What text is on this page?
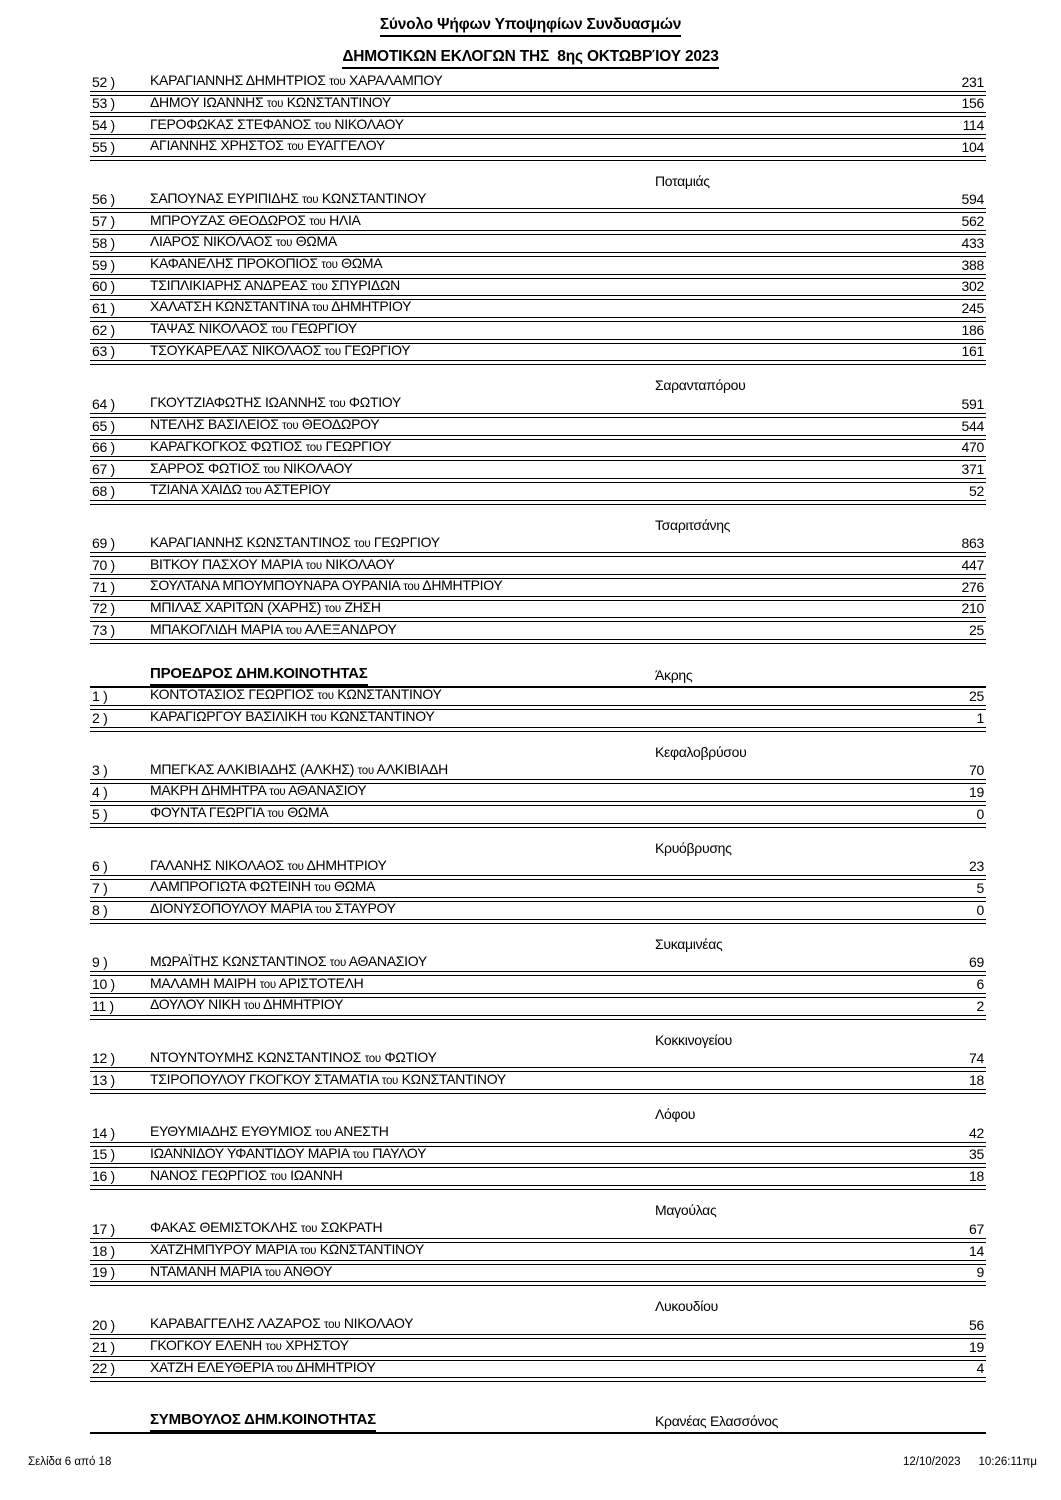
Σύνολο Ψήφων Υποψηφίων Συνδυασμών
ΔΗΜΟΤΙΚΩΝ ΕΚΛΟΓΩΝ ΤΗΣ  8ης ΟΚΤΩΒΡΊΟΥ 2023
52 )	ΚΑΡΑΓΙΑΝΝΗΣ ΔΗΜΗΤΡΙΟΣ του ΧΑΡΑΛΑΜΠΟΥ	231
53 )	ΔΗΜΟΥ ΙΩΑΝΝΗΣ του ΚΩΝΣΤΑΝΤΙΝΟΥ	156
54 )	ΓΕΡΟΦΩΚΑΣ ΣΤΕΦΑΝΟΣ του ΝΙΚΟΛΑΟΥ	114
55 )	ΑΓΙΑΝΝΗΣ ΧΡΗΣΤΟΣ του ΕΥΑΓΓΕΛΟΥ	104
Ποταμιάς
56 )	ΣΑΠΟΥΝΑΣ ΕΥΡΙΠΙΔΗΣ του ΚΩΝΣΤΑΝΤΙΝΟΥ	594
57 )	ΜΠΡΟΥΖΑΣ ΘΕΟΔΩΡΟΣ του ΗΛΙΑ	562
58 )	ΛΙΑΡΟΣ ΝΙΚΟΛΑΟΣ του ΘΩΜΑ	433
59 )	ΚΑΦΑΝΕΛΗΣ ΠΡΟΚΟΠΙΟΣ του ΘΩΜΑ	388
60 )	ΤΣΙΠΛΙΚΙΑΡΗΣ ΑΝΔΡΕΑΣ του ΣΠΥΡΙΔΩΝ	302
61 )	ΧΑΛΑΤΣΗ ΚΩΝΣΤΑΝΤΙΝΑ του ΔΗΜΗΤΡΙΟΥ	245
62 )	ΤΑΨΑΣ ΝΙΚΟΛΑΟΣ του ΓΕΩΡΓΙΟΥ	186
63 )	ΤΣΟΥΚΑΡΕΛΑΣ ΝΙΚΟΛΑΟΣ του ΓΕΩΡΓΙΟΥ	161
Σαρανταπόρου
64 )	ΓΚΟΥΤΖΙΑΦΩΤΗΣ ΙΩΑΝΝΗΣ του ΦΩΤΙΟΥ	591
65 )	ΝΤΕΛΗΣ ΒΑΣΙΛΕΙΟΣ του ΘΕΟΔΩΡΟΥ	544
66 )	ΚΑΡΑΓΚΟΓΚΟΣ ΦΩΤΙΟΣ του ΓΕΩΡΓΙΟΥ	470
67 )	ΣΑΡΡΟΣ ΦΩΤΙΟΣ του ΝΙΚΟΛΑΟΥ	371
68 )	ΤΖΙΑΝΑ ΧΑΙΔΩ του ΑΣΤΕΡΙΟΥ	52
Τσαριτσάνης
69 )	ΚΑΡΑΓΙΑΝΝΗΣ ΚΩΝΣΤΑΝΤΙΝΟΣ του ΓΕΩΡΓΙΟΥ	863
70 )	ΒΙΤΚΟΥ ΠΑΣΧΟΥ ΜΑΡΙΑ του ΝΙΚΟΛΑΟΥ	447
71 )	ΣΟΥΛΤΑΝΑ ΜΠΟΥΜΠΟΥΝΑΡΑ ΟΥΡΑΝΙΑ του ΔΗΜΗΤΡΙΟΥ	276
72 )	ΜΠΙΛΑΣ ΧΑΡΙΤΩΝ (ΧΑΡΗΣ) του ΖΗΣΗ	210
73 )	ΜΠΑΚΟΓΛΙΔΗ ΜΑΡΙΑ του ΑΛΕΞΑΝΔΡΟΥ	25
ΠΡΟΕΔΡΟΣ ΔΗΜ.ΚΟΙΝΟΤΗΤΑΣ	Άκρης
1 )	ΚΟΝΤΟΤΑΣΙΟΣ ΓΕΩΡΓΙΟΣ του ΚΩΝΣΤΑΝΤΙΝΟΥ	25
2 )	ΚΑΡΑΓΙΩΡΓΟΥ ΒΑΣΙΛΙΚΗ του ΚΩΝΣΤΑΝΤΙΝΟΥ	1
Κεφαλοβρύσου
3 )	ΜΠΕΓΚΑΣ ΑΛΚΙΒΙΑΔΗΣ (ΑΛΚΗΣ) του ΑΛΚΙΒΙΑΔΗ	70
4 )	ΜΑΚΡΗ ΔΗΜΗΤΡΑ του ΑΘΑΝΑΣΙΟΥ	19
5 )	ΦΟΥΝΤΑ ΓΕΩΡΓΙΑ του ΘΩΜΑ	0
Κρυόβρυσης
6 )	ΓΑΛΑΝΗΣ ΝΙΚΟΛΑΟΣ του ΔΗΜΗΤΡΙΟΥ	23
7 )	ΛΑΜΠΡΟΓΙΩΤΑ ΦΩΤΕΙΝΗ του ΘΩΜΑ	5
8 )	ΔΙΟΝΥΣΟΠΟΥΛΟΥ ΜΑΡΙΑ του ΣΤΑΥΡΟΥ	0
Συκαμινέας
9 )	ΜΩΡΑΪΤΗΣ ΚΩΝΣΤΑΝΤΙΝΟΣ του ΑΘΑΝΑΣΙΟΥ	69
10 )	ΜΑΛΑΜΗ ΜΑΙΡΗ του ΑΡΙΣΤΟΤΕΛΗ	6
11 )	ΔΟΥΛΟΥ ΝΙΚΗ του ΔΗΜΗΤΡΙΟΥ	2
Κοκκινογείου
12 )	ΝΤΟΥΝΤΟΥΜΗΣ ΚΩΝΣΤΑΝΤΙΝΟΣ του ΦΩΤΙΟΥ	74
13 )	ΤΣΙΡΟΠΟΥΛΟΥ ΓΚΟΓΚΟΥ ΣΤΑΜΑΤΙΑ του ΚΩΝΣΤΑΝΤΙΝΟΥ	18
Λόφου
14 )	ΕΥΘΥΜΙΑΔΗΣ ΕΥΘΥΜΙΟΣ του ΑΝΕΣΤΗ	42
15 )	ΙΩΑΝΝΙΔΟΥ ΥΦΑΝΤΙΔΟΥ ΜΑΡΙΑ του ΠΑΥΛΟΥ	35
16 )	ΝΑΝΟΣ ΓΕΩΡΓΙΟΣ του ΙΩΑΝΝΗ	18
Μαγούλας
17 )	ΦΑΚΑΣ ΘΕΜΙΣΤΟΚΛΗΣ του ΣΩΚΡΑΤΗ	67
18 )	ΧΑΤΖΗΜΠΥΡΟΥ ΜΑΡΙΑ του ΚΩΝΣΤΑΝΤΙΝΟΥ	14
19 )	ΝΤΑΜΑΝΗ ΜΑΡΙΑ του ΑΝΘΟΥ	9
Λυκουδίου
20 )	ΚΑΡΑΒΑΓΓΕΛΗΣ ΛΑΖΑΡΟΣ του ΝΙΚΟΛΑΟΥ	56
21 )	ΓΚΟΓΚΟΥ ΕΛΕΝΗ του ΧΡΗΣΤΟΥ	19
22 )	ΧΑΤΖΗ ΕΛΕΥΘΕΡΙΑ του ΔΗΜΗΤΡΙΟΥ	4
ΣΥΜΒΟΥΛΟΣ ΔΗΜ.ΚΟΙΝΟΤΗΤΑΣ	Κρανέας Ελασσόνος
Σελίδα 6 από 18	12/10/2023 10:26:11πμ
